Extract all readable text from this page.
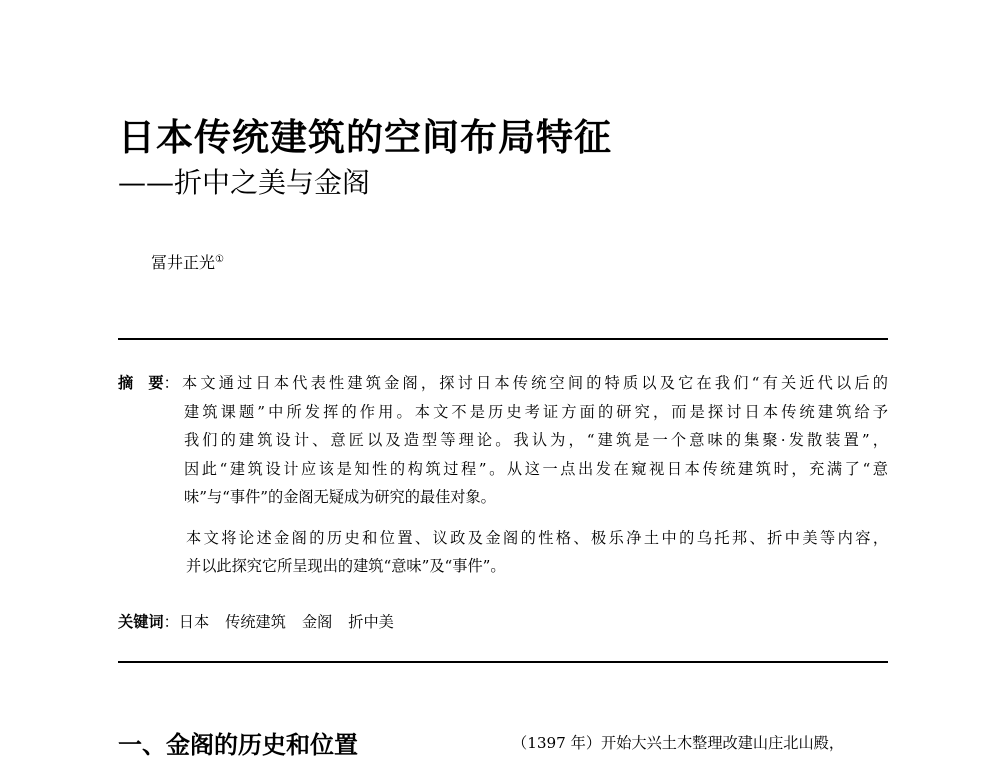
日本传统建筑的空间布局特征
——折中之美与金阁
冨井正光①
摘　要： 本文通过日本代表性建筑金阁，探讨日本传统空间的特质以及它在我们“有关近代以后的
建筑课题”中所发挥的作用。本文不是历史考证方面的研究，而是探讨日本传统建筑给予
我们的建筑设计、意匠以及造型等理论。我认为，“建筑是一个意味的集聚·发散装置”，
因此“建筑设计应该是知性的构筑过程”。从这一点出发在窥视日本传统建筑时，充满了“意
味”与“事件”的金阁无疑成为研究的最佳对象。
本文将论述金阁的历史和位置、议政及金阁的性格、极乐净土中的乌托邦、折中美等内容，
并以此探究它所呈现出的建筑“意味”及“事件”。
关键词：日本 传统建筑 金阁 折中美
一、金阁的历史和位置	（1397 年）开始大兴土木整理改建山庄北山殿，
